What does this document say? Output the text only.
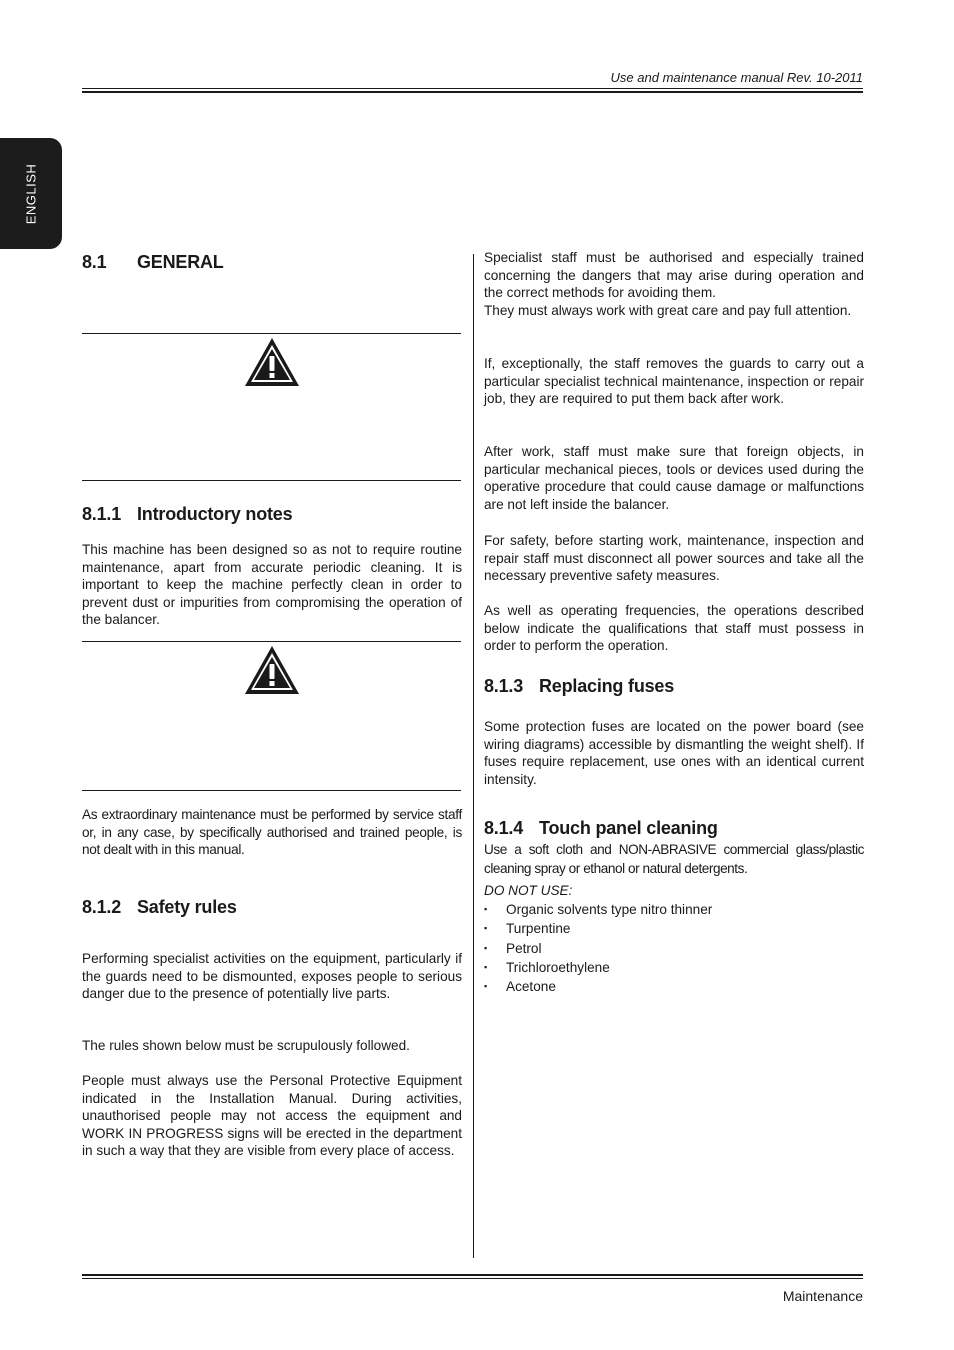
Use and maintenance manual Rev. 10-2011
ENGLISH
8.1 GENERAL
8.1.1 Introductory notes

This machine has been designed so as not to require routine maintenance, apart from accurate periodic cleaning. It is important to keep the machine perfectly clean in order to prevent dust or impurities from compromising the operation of the balancer.

As extraordinary maintenance must be performed by service staff or, in any case, by specifically authorised and trained people, is not dealt with in this manual.

8.1.2 Safety rules

Performing specialist activities on the equipment, particularly if the guards need to be dismounted, exposes people to serious danger due to the presence of potentially live parts.

The rules shown below must be scrupulously followed.

People must always use the Personal Protective Equipment indicated in the Installation Manual. During activities, unauthorised people may not access the equipment and WORK IN PROGRESS signs will be erected in the department in such a way that they are visible from every place of access.

Specialist staff must be authorised and especially trained concerning the dangers that may arise during operation and the correct methods for avoiding them.

They must always work with great care and pay full attention.

If, exceptionally, the staff removes the guards to carry out a particular specialist technical maintenance, inspection or repair job, they are required to put them back after work.

After work, staff must make sure that foreign objects, in particular mechanical pieces, tools or devices used during the operative procedure that could cause damage or malfunctions are not left inside the balancer.

For safety, before starting work, maintenance, inspection and repair staff must disconnect all power sources and take all the necessary preventive safety measures.

As well as operating frequencies, the operations described below indicate the qualifications that staff must possess in order to perform the operation.

8.1.3 Replacing fuses

Some protection fuses are located on the power board (see wiring diagrams) accessible by dismantling the weight shelf). If fuses require replacement, use ones with an identical current intensity.

8.1.4 Touch panel cleaning

Use a soft cloth and NON-ABRASIVE commercial glass/plastic cleaning spray or ethanol or natural detergents.

DO NOT USE:

▪ Organic solvents type nitro thinner
▪ Turpentine
▪ Petrol
▪ Trichloroethylene
▪ Acetone
Maintenance
